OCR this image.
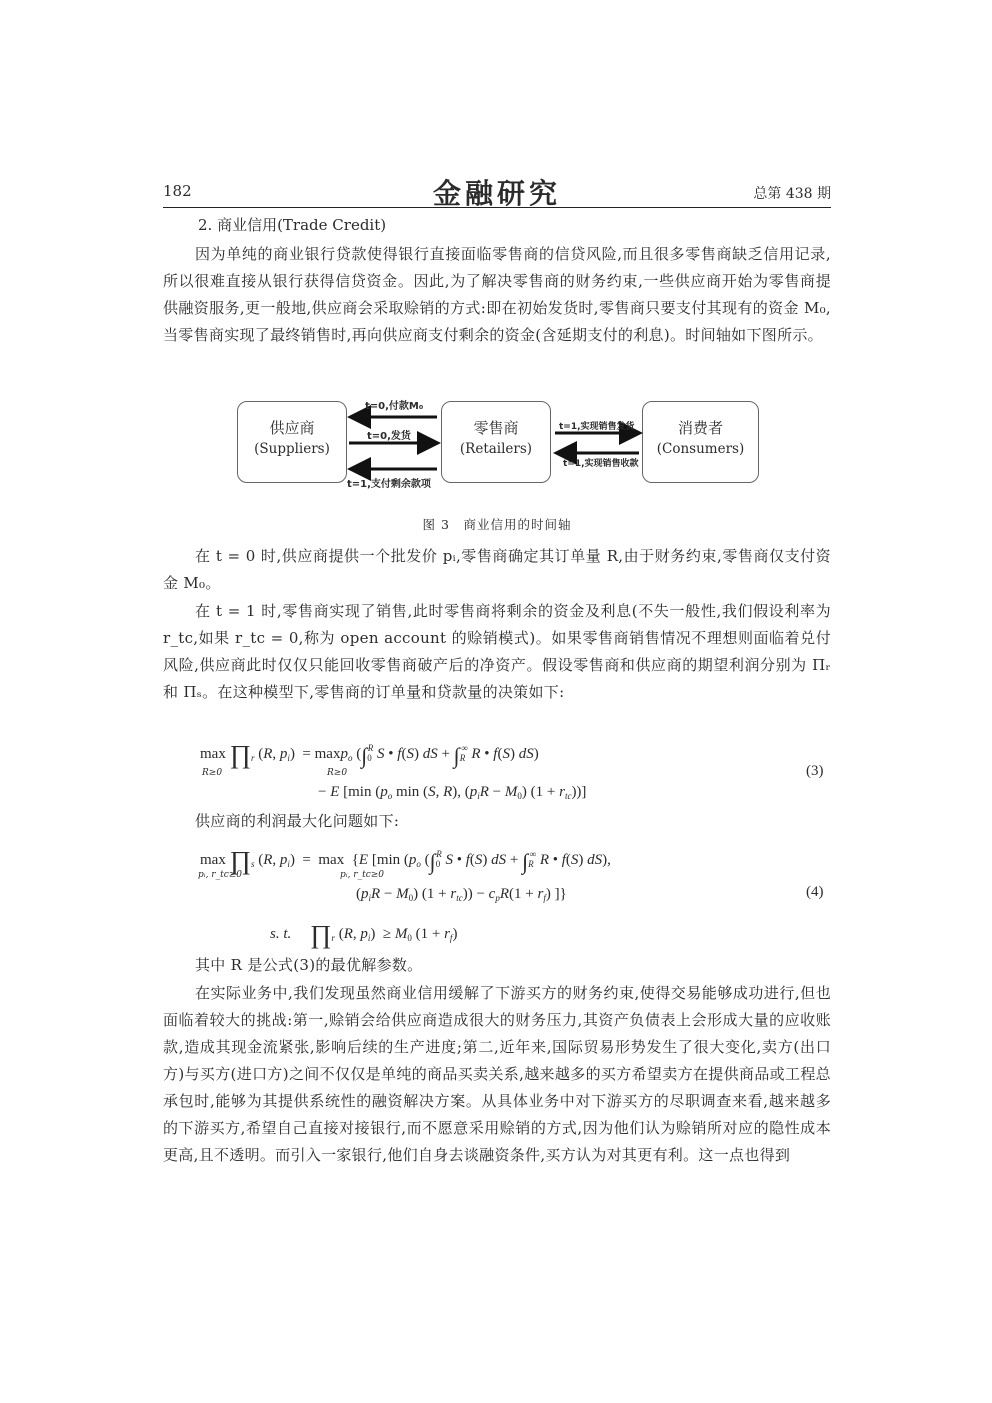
182	金融研究	总第 438 期
2. 商业信用(Trade Credit)

因为单纯的商业银行贷款使得银行直接面临零售商的信贷风险,而且很多零售商缺乏信用记录,所以很难直接从银行获得信贷资金。因此,为了解决零售商的财务约束,一些供应商开始为零售商提供融资服务,更一般地,供应商会采取赊销的方式:即在初始发货时,零售商只要支付其现有的资金 M₀,当零售商实现了最终销售时,再向供应商支付剩余的资金(含延期支付的利息)。时间轴如下图所示。

供应商
(Suppliers)
零售商
(Retailers)
消费者
(Consumers)
t=0,付款M₀
t=0,发货
t=1,支付剩余款项
t=1,实现销售发货
t=1,实现销售收款
图 3　商业信用的时间轴

在 t = 0 时,供应商提供一个批发价 pᵢ,零售商确定其订单量 R,由于财务约束,零售商仅支付资金 M₀。

在 t = 1 时,零售商实现了销售,此时零售商将剩余的资金及利息(不失一般性,我们假设利率为 r_tc,如果 r_tc = 0,称为 open account 的赊销模式)。如果零售商销售情况不理想则面临着兑付风险,供应商此时仅仅只能回收零售商破产后的净资产。假设零售商和供应商的期望利润分别为 Πᵣ 和 Πₛ。在这种模型下,零售商的订单量和贷款量的决策如下:

$\max \prod_r$ (R, $p_i) = \max p_o$ ($\int_0^R$ S • f(S) dS + $\int_R^\infty$ R • f(S) dS)
R≥0	R≥0
− E [min ($p_o$ min (S, R), $(p_iR - M_0) (1 + r_{tc})$)]
(3)

供应商的利润最大化问题如下:

$\max \prod_s$ (R, $p_i) = \max \{E$ [min ($p_o$ ($\int_0^R$ S • f(S) dS + $\int_R^\infty$ R • f(S) dS),
pᵢ, r_tc≥0	pᵢ, r_tc≥0
$(p_iR - M_0) (1 + r_{tc})) - c_pR(1 + r_f)$ ]}	(4)
s. t. $\prod_r$ (R, $p_i) \ge M_0$ $(1 + r_f)$

其中 R 是公式(3)的最优解参数。

在实际业务中,我们发现虽然商业信用缓解了下游买方的财务约束,使得交易能够成功进行,但也面临着较大的挑战:第一,赊销会给供应商造成很大的财务压力,其资产负债表上会形成大量的应收账款,造成其现金流紧张,影响后续的生产进度;第二,近年来,国际贸易形势发生了很大变化,卖方(出口方)与买方(进口方)之间不仅仅是单纯的商品买卖关系,越来越多的买方希望卖方在提供商品或工程总承包时,能够为其提供系统性的融资解决方案。从具体业务中对下游买方的尽职调查来看,越来越多的下游买方,希望自己直接对接银行,而不愿意采用赊销的方式,因为他们认为赊销所对应的隐性成本更高,且不透明。而引入一家银行,他们自身去谈融资条件,买方认为对其更有利。这一点也得到
